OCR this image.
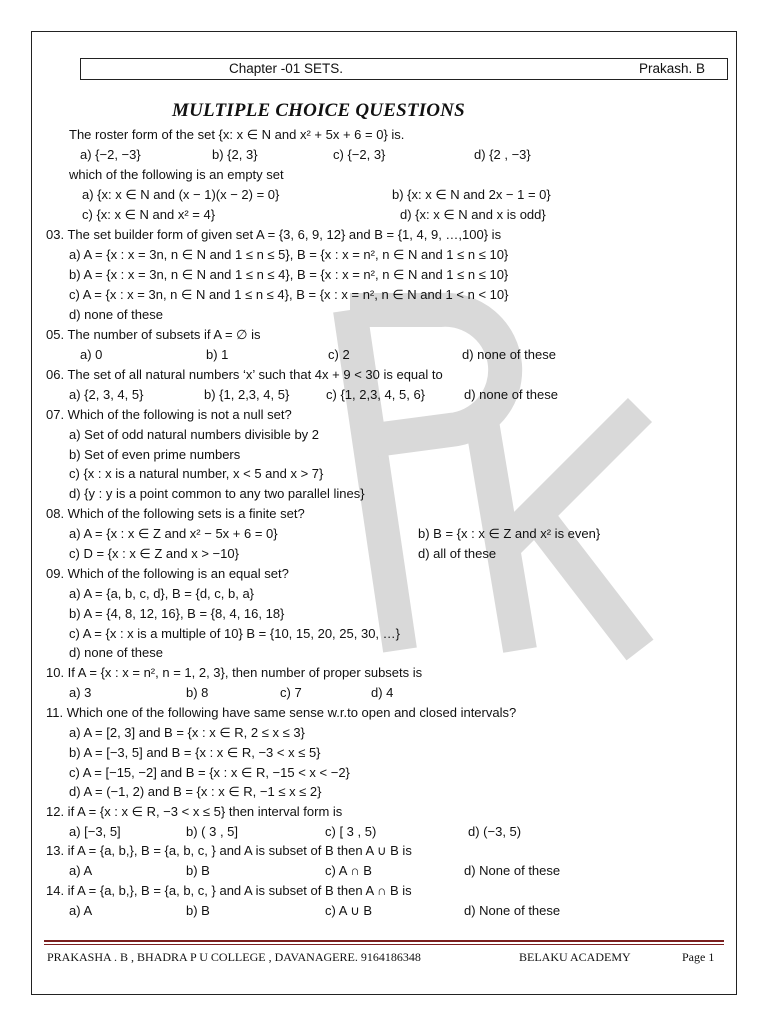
Chapter -01 SETS.	Prakash. B
MULTIPLE CHOICE QUESTIONS
The roster form of the set {x: x ∈ N and x² + 5x + 6 = 0} is.
a) {−2, −3}	b) {2, 3}	c) {−2, 3}	d) {2 , −3}
which of the following is an empty set
a) {x: x ∈ N and (x − 1)(x − 2) = 0}	b) {x: x ∈ N and 2x − 1 = 0}
c) {x: x ∈ N and x² = 4}	d) {x: x ∈ N and x is odd}
03. The set builder form of given set A = {3, 6, 9, 12} and B = {1, 4, 9, …,100} is
a) A = {x : x = 3n, n ∈ N and 1 ≤ n ≤ 5}, B = {x : x = n², n ∈ N and 1 ≤ n ≤ 10}
b) A = {x : x = 3n, n ∈ N and 1 ≤ n ≤ 4}, B = {x : x = n², n ∈ N and 1 ≤ n ≤ 10}
c) A = {x : x = 3n, n ∈ N and 1 ≤ n ≤ 4}, B = {x : x = n², n ∈ N and 1 < n < 10}
d) none of these
05. The number of subsets if A = ∅ is
a) 0	b) 1	c) 2	d) none of these
06. The set of all natural numbers ‘x’ such that 4x + 9 < 30 is equal to
a) {2, 3, 4, 5}	b) {1, 2,3, 4, 5}	c) {1, 2,3, 4, 5, 6}	d) none of these
07. Which of the following is not a null set?
a) Set of odd natural numbers divisible by 2
b) Set of even prime numbers
c) {x : x is a natural number, x < 5 and x > 7}
d) {y : y is a point common to any two parallel lines}
08. Which of the following sets is a finite set?
a) A = {x : x ∈ Z and x² − 5x + 6 = 0}	b) B = {x : x ∈ Z and x² is even}
c) D = {x : x ∈ Z and x > −10}	d) all of these
09. Which of the following is an equal set?
a) A = {a, b, c, d}, B = {d, c, b, a}
b) A = {4, 8, 12, 16}, B = {8, 4, 16, 18}
c) A = {x : x is a multiple of 10} B = {10, 15, 20, 25, 30, …}
d) none of these
10. If A = {x : x = n², n = 1, 2, 3}, then number of proper subsets is
a) 3	b) 8	c) 7	d) 4
11. Which one of the following have same sense w.r.to open and closed intervals?
a) A = [2, 3] and B = {x : x ∈ R, 2 ≤ x ≤ 3}
b) A = [−3, 5] and B = {x : x ∈ R, −3 < x ≤ 5}
c) A = [−15, −2] and B = {x : x ∈ R, −15 < x < −2}
d) A = (−1, 2) and B = {x : x ∈ R, −1 ≤ x ≤ 2}
12. if A = {x : x ∈ R, −3 < x ≤ 5} then interval form is
a) [−3, 5]	b) ( 3 , 5]	c) [ 3 , 5)	d) (−3, 5)
13. if A = {a, b,}, B = {a, b, c, } and A is subset of B then A ∪ B is
a) A	b) B	c) A ∩ B	d) None of these
14. if A = {a, b,}, B = {a, b, c, } and A is subset of B then A ∩ B is
a) A	b) B	c) A ∪ B	d) None of these
PRAKASHA . B , BHADRA P U COLLEGE , DAVANAGERE. 9164186348	BELAKU ACADEMY	Page 1
